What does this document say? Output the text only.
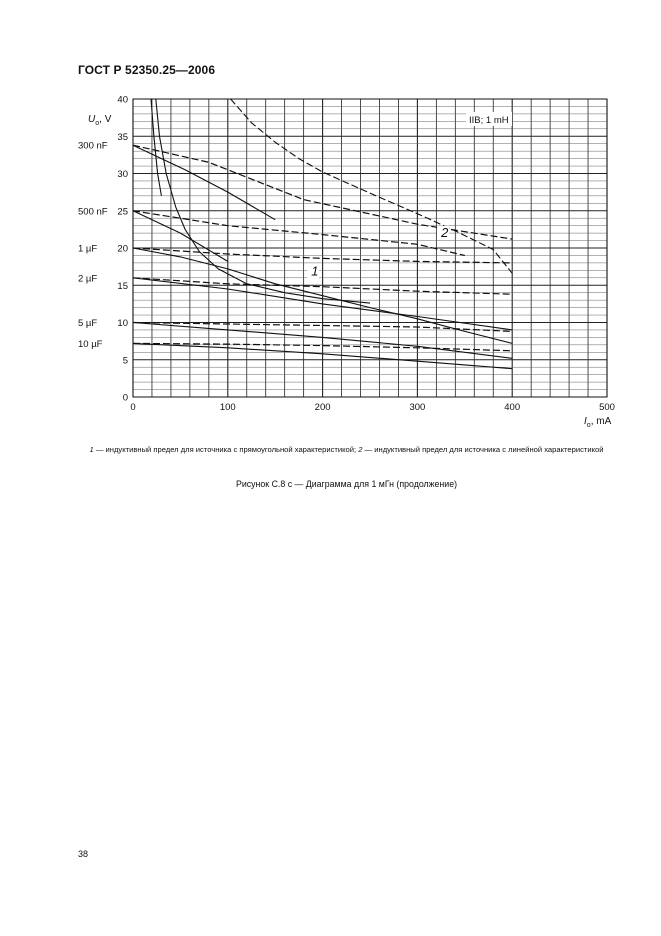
ГОСТ Р 52350.25—2006
0	100	200	300	400	500
0
5
10
15
20
25
30
35
40
300 nF
500 nF
1 µF
2 µF
5 µF
10 µF
$U_o$, V
$I_o$, mA
IIB; 1 mH
1
2
1 — индуктивный предел для источника с прямоугольной характеристикой; 2 — индуктивный предел для источника с линейной характеристикой
Рисунок С.8 c — Диаграмма для 1 мГн (продолжение)
38
